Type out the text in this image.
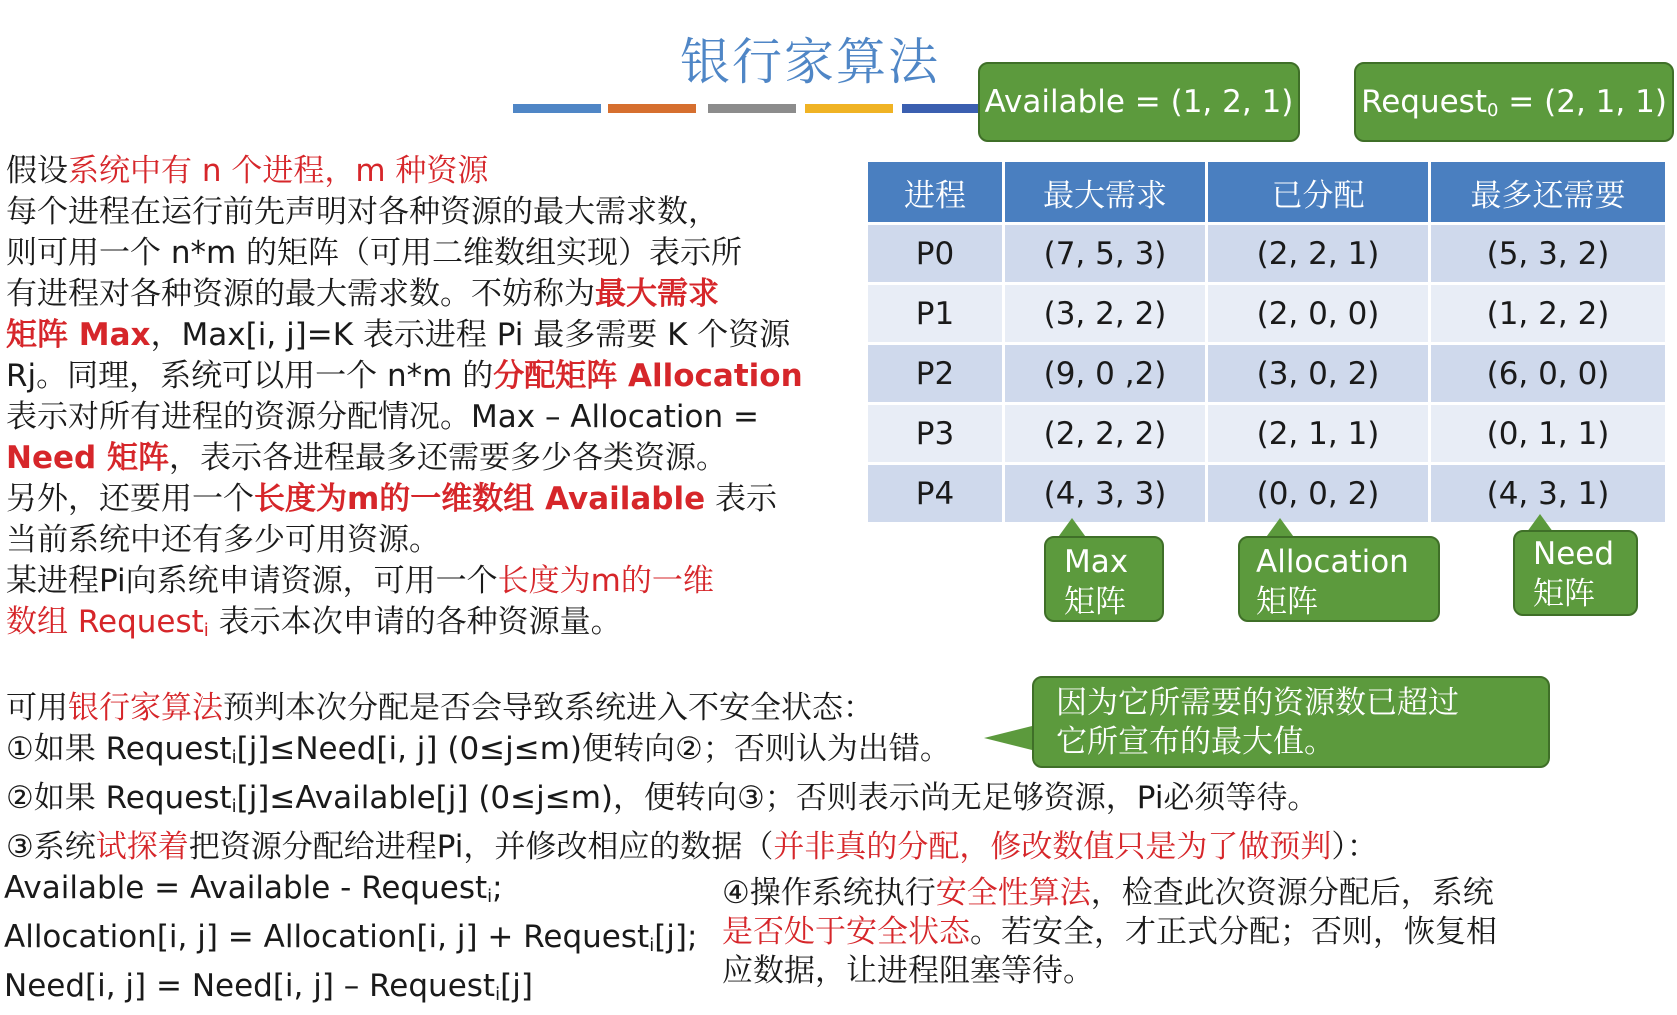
银行家算法
Available = (1, 2, 1) Request$_0$ = (2, 1, 1)
假设系统中有 n 个进程，m 种资源
每个进程在运行前先声明对各种资源的最大需求数，
则可用一个 n*m 的矩阵（可用二维数组实现）表示所
有进程对各种资源的最大需求数。不妨称为最大需求
矩阵 Max，Max[i, j]=K 表示进程 Pi 最多需要 K 个资源
Rj。同理，系统可以用一个 n*m 的分配矩阵 Allocation
表示对所有进程的资源分配情况。Max – Allocation =
Need 矩阵，表示各进程最多还需要多少各类资源。
另外，还要用一个长度为m的一维数组 Available 表示
当前系统中还有多少可用资源。
某进程Pi向系统申请资源，可用一个长度为m的一维
数组 Request$_i$ 表示本次申请的各种资源量。
进程	最大需求	已分配	最多还需要
P0	(7, 5, 3)	(2, 2, 1)	(5, 3, 2)
P1	(3, 2, 2)	(2, 0, 0)	(1, 2, 2)
P2	(9, 0 ,2)	(3, 0, 2)	(6, 0, 0)
P3	(2, 2, 2)	(2, 1, 1)	(0, 1, 1)
P4	(4, 3, 3)	(0, 0, 2)	(4, 3, 1)
Max
矩阵
Allocation
矩阵
Need
矩阵
可用银行家算法预判本次分配是否会导致系统进入不安全状态：
①如果 Request$_i$[j]≤Need[i, j] (0≤j≤m)便转向②；否则认为出错。
②如果 Request$_i$[j]≤Available[j] (0≤j≤m)，便转向③；否则表示尚无足够资源，Pi必须等待。
③系统试探着把资源分配给进程Pi，并修改相应的数据（并非真的分配，修改数值只是为了做预判）：
因为它所需要的资源数已超过
它所宣布的最大值。
Available = Available - Request$_i$;
Allocation[i, j] = Allocation[i, j] + Request$_i$[j];
Need[i, j] = Need[i, j] – Request$_i$[j]
④操作系统执行安全性算法，检查此次资源分配后，系统
是否处于安全状态。若安全，才正式分配；否则，恢复相
应数据，让进程阻塞等待。
